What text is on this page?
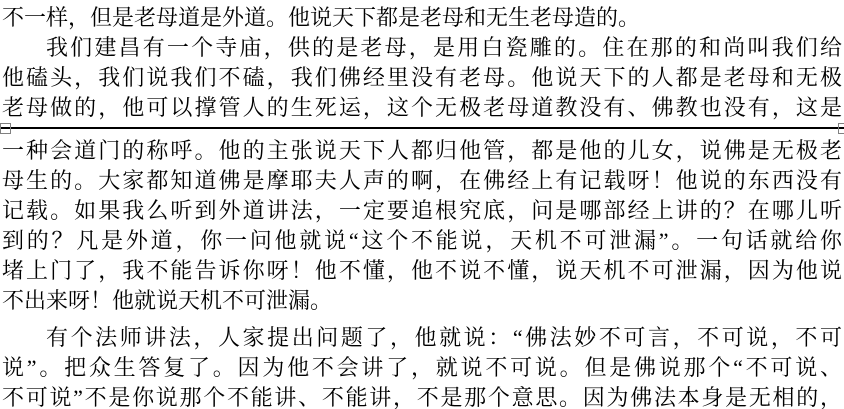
不一样，但是老母道是外道。他说天下都是老母和无生老母造的。
我们建昌有一个寺庙，供的是老母，是用白瓷雕的。住在那的和尚叫我们给
他磕头，我们说我们不磕，我们佛经里没有老母。他说天下的人都是老母和无极
老母做的，他可以撑管人的生死运，这个无极老母道教没有、佛教也没有，这是
一种会道门的称呼。他的主张说天下人都归他管，都是他的儿女，说佛是无极老
母生的。大家都知道佛是摩耶夫人声的啊，在佛经上有记载呀！他说的东西没有
记载。如果我么听到外道讲法，一定要追根究底，问是哪部经上讲的？在哪儿听
到的？凡是外道，你一问他就说“这个不能说，天机不可泄漏”。一句话就给你
堵上门了，我不能告诉你呀！他不懂，他不说不懂，说天机不可泄漏，因为他说
不出来呀！他就说天机不可泄漏。
有个法师讲法，人家提出问题了，他就说：“佛法妙不可言，不可说，不可
说”。把众生答复了。因为他不会讲了，就说不可说。但是佛说那个“不可说、
不可说”不是你说那个不能讲、不能讲，不是那个意思。因为佛法本身是无相的，
